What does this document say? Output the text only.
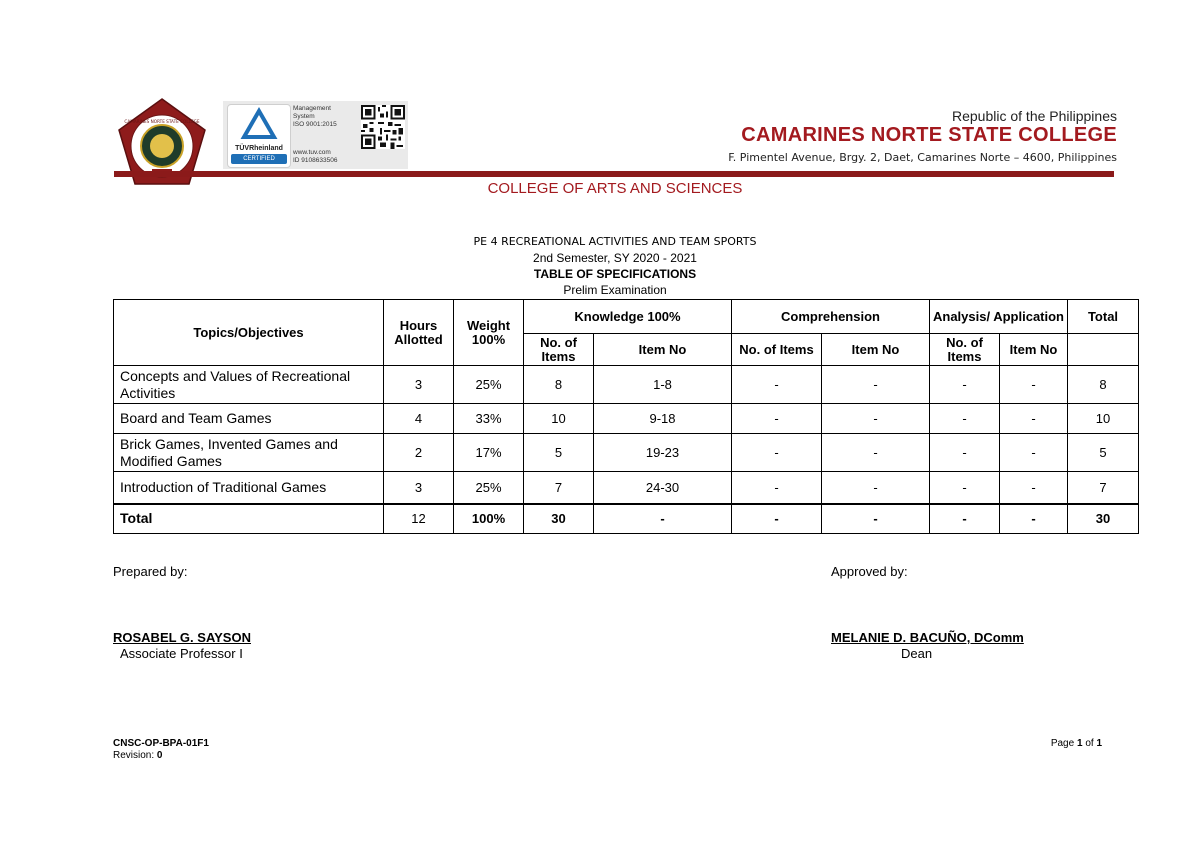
CAMARINES NORTE STATE COLLEGE
TÜVRheinland
CERTIFIED
Management
System
ISO 9001:2015
www.tuv.com
ID 9108633506
Republic of the Philippines
CAMARINES NORTE STATE COLLEGE
F. Pimentel Avenue, Brgy. 2, Daet, Camarines Norte – 4600, Philippines
COLLEGE OF ARTS AND SCIENCES
PE 4 RECREATIONAL ACTIVITIES AND TEAM SPORTS
2nd Semester, SY 2020 - 2021
TABLE OF SPECIFICATIONS
Prelim Examination
Topics/Objectives	Hours Allotted	Weight 100%	Knowledge 100%		Comprehension		Analysis/ Application		Total
			No. of Items	Item No	No. of Items	Item No	No. of Items	Item No	
Concepts and Values of Recreational Activities	3	25%	8	1-8	-	-	-	-	8
Board and Team Games	4	33%	10	9-18	-	-	-	-	10
Brick Games, Invented Games and Modified Games	2	17%	5	19-23	-	-	-	-	5
Introduction of Traditional Games	3	25%	7	24-30	-	-	-	-	7
Total	12	100%	30	-	-	-	-	-	30
Prepared by:
ROSABEL G. SAYSON
Associate Professor I
Approved by:
MELANIE D. BACUÑO, DComm
Dean
CNSC-OP-BPA-01F1
Revision: 0
Page 1 of 1
